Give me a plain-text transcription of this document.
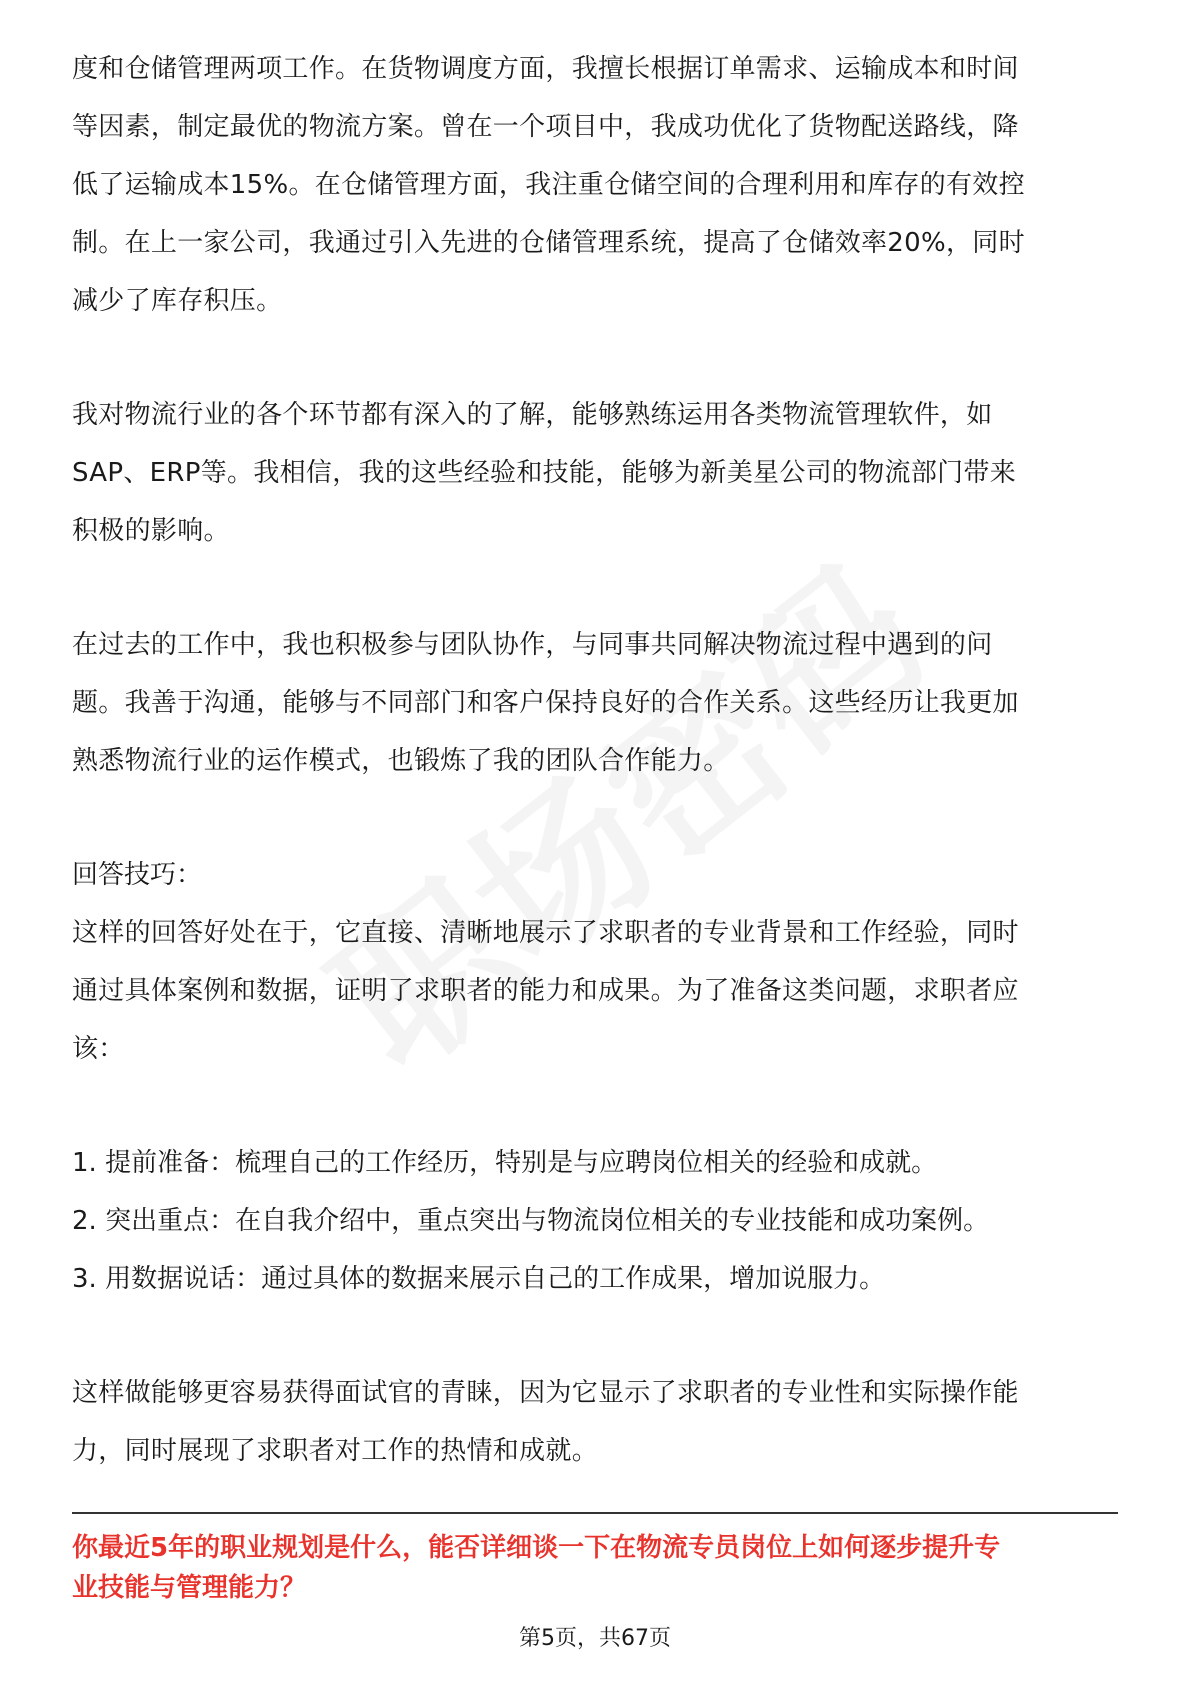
度和仓储管理两项工作。在货物调度方面，我擅长根据订单需求、运输成本和时间
等因素，制定最优的物流方案。曾在一个项目中，我成功优化了货物配送路线，降
低了运输成本15%。在仓储管理方面，我注重仓储空间的合理利用和库存的有效控
制。在上一家公司，我通过引入先进的仓储管理系统，提高了仓储效率20%，同时
减少了库存积压。

我对物流行业的各个环节都有深入的了解，能够熟练运用各类物流管理软件，如
SAP、ERP等。我相信，我的这些经验和技能，能够为新美星公司的物流部门带来
积极的影响。

在过去的工作中，我也积极参与团队协作，与同事共同解决物流过程中遇到的问
题。我善于沟通，能够与不同部门和客户保持良好的合作关系。这些经历让我更加
熟悉物流行业的运作模式，也锻炼了我的团队合作能力。

回答技巧：

这样的回答好处在于，它直接、清晰地展示了求职者的专业背景和工作经验，同时
通过具体案例和数据，证明了求职者的能力和成果。为了准备这类问题，求职者应
该：

1. 提前准备：梳理自己的工作经历，特别是与应聘岗位相关的经验和成就。
2. 突出重点：在自我介绍中，重点突出与物流岗位相关的专业技能和成功案例。
3. 用数据说话：通过具体的数据来展示自己的工作成果，增加说服力。

这样做能够更容易获得面试官的青睐，因为它显示了求职者的专业性和实际操作能
力，同时展现了求职者对工作的热情和成就。

你最近5年的职业规划是什么，能否详细谈一下在物流专员岗位上如何逐步提升专
业技能与管理能力？

第5页，共67页
